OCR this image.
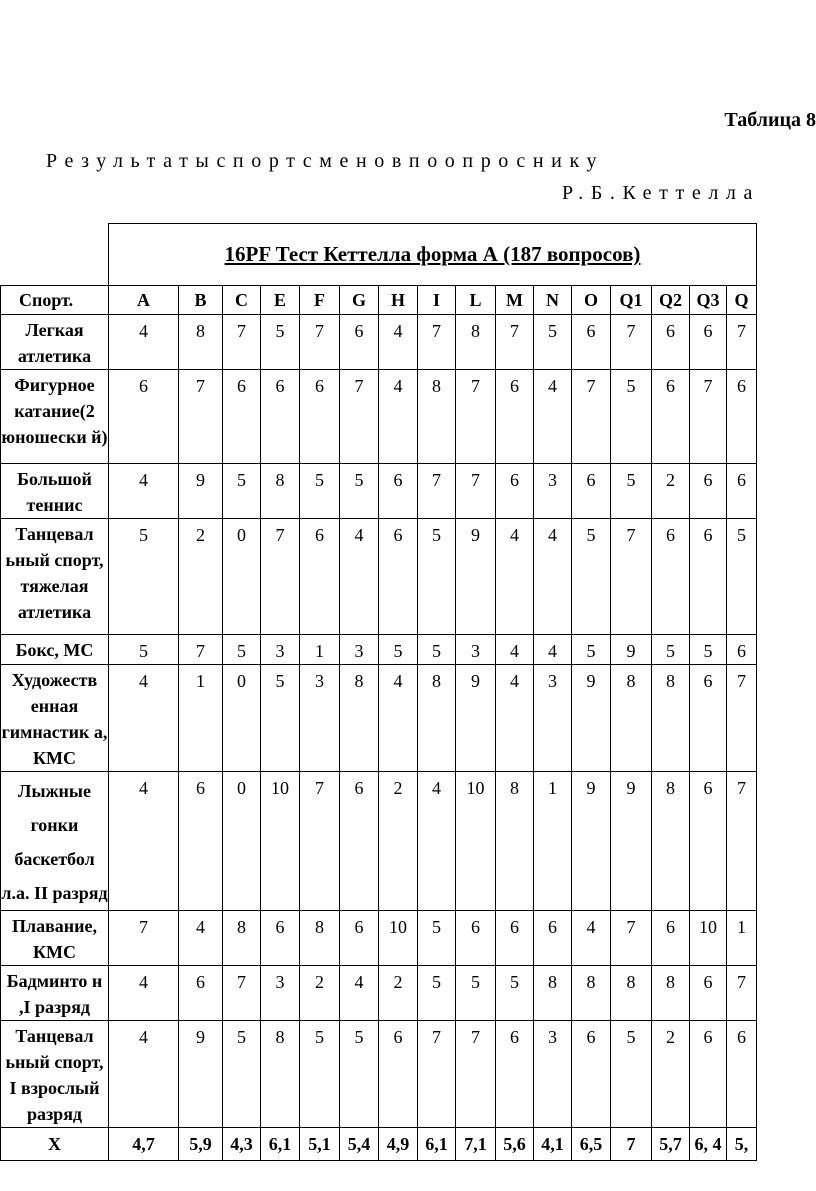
Таблица 8
Результатыспортсменовпоопроснику
Р.Б.Кеттелла
	16PF Тест Кеттелла форма А (187 вопросов)															
Спорт.	A	B	C	E	F	G	H	I	L	M	N	O	Q1	Q2	Q3	Q
Легкая атлетика	4	8	7	5	7	6	4	7	8	7	5	6	7	6	6	7
Фигурное катание(2 юношески й)	6	7	6	6	6	7	4	8	7	6	4	7	5	6	7	6
Большой теннис	4	9	5	8	5	5	6	7	7	6	3	6	5	2	6	6
Танцевал ьный спорт, тяжелая атлетика	5	2	0	7	6	4	6	5	9	4	4	5	7	6	6	5
Бокс, МС	5	7	5	3	1	3	5	5	3	4	4	5	9	5	5	6
Художеств енная гимнастик а, КМС	4	1	0	5	3	8	4	8	9	4	3	9	8	8	6	7
Лыжные гонки баскетбол л.а. II разряд	4	6	0	10	7	6	2	4	10	8	1	9	9	8	6	7
Плавание, КМС	7	4	8	6	8	6	10	5	6	6	6	4	7	6	10	1
Бадминто н ,I разряд	4	6	7	3	2	4	2	5	5	5	8	8	8	8	6	7
Танцевал ьный спорт, I взрослый разряд	4	9	5	8	5	5	6	7	7	6	3	6	5	2	6	6
X	4,7	5,9	4,3	6,1	5,1	5,4	4,9	6,1	7,1	5,6	4,1	6,5	7	5,7	6, 4	5,
